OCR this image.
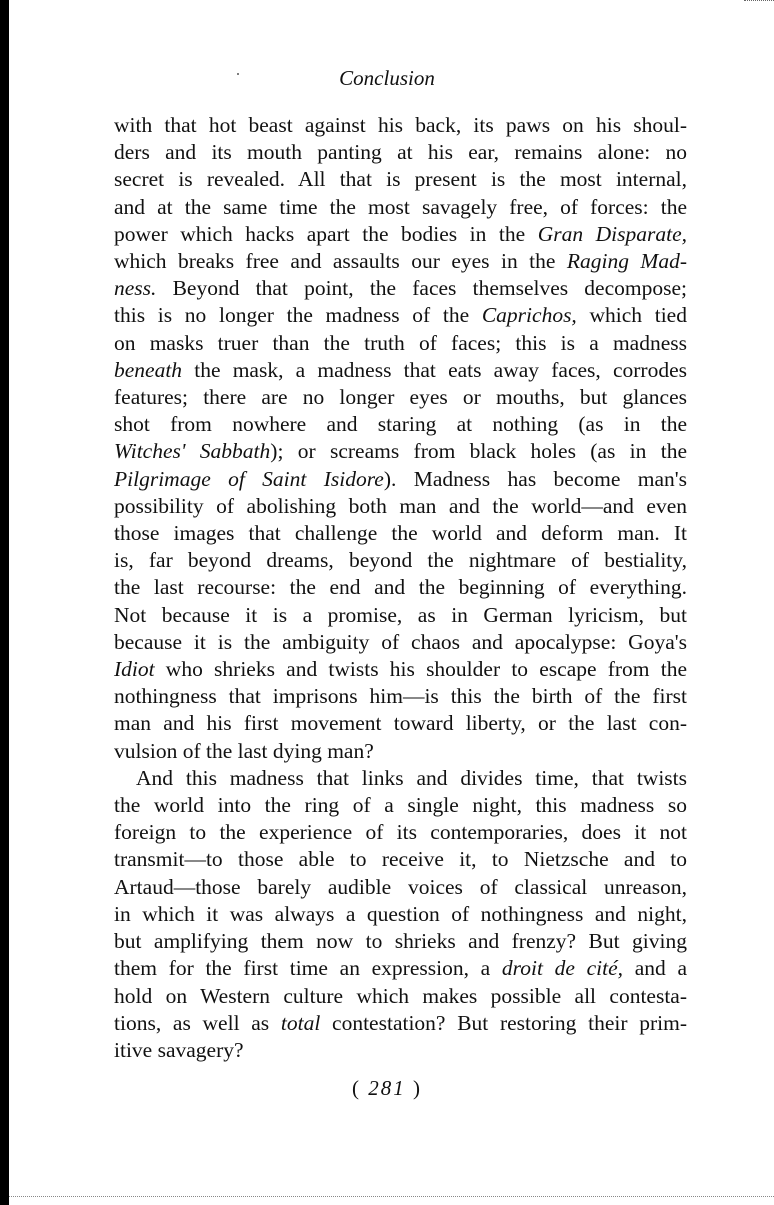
Conclusion

with that hot beast against his back, its paws on his shoul-
ders and its mouth panting at his ear, remains alone: no
secret is revealed. All that is present is the most internal,
and at the same time the most savagely free, of forces: the
power which hacks apart the bodies in the Gran Disparate,
which breaks free and assaults our eyes in the Raging Mad-
ness. Beyond that point, the faces themselves decompose;
this is no longer the madness of the Caprichos, which tied
on masks truer than the truth of faces; this is a madness
beneath the mask, a madness that eats away faces, corrodes
features; there are no longer eyes or mouths, but glances
shot from nowhere and staring at nothing (as in the
Witches' Sabbath); or screams from black holes (as in the
Pilgrimage of Saint Isidore). Madness has become man's
possibility of abolishing both man and the world—and even
those images that challenge the world and deform man. It
is, far beyond dreams, beyond the nightmare of bestiality,
the last recourse: the end and the beginning of everything.
Not because it is a promise, as in German lyricism, but
because it is the ambiguity of chaos and apocalypse: Goya's
Idiot who shrieks and twists his shoulder to escape from the
nothingness that imprisons him—is this the birth of the first
man and his first movement toward liberty, or the last con-
vulsion of the last dying man?

And this madness that links and divides time, that twists
the world into the ring of a single night, this madness so
foreign to the experience of its contemporaries, does it not
transmit—to those able to receive it, to Nietzsche and to
Artaud—those barely audible voices of classical unreason,
in which it was always a question of nothingness and night,
but amplifying them now to shrieks and frenzy? But giving
them for the first time an expression, a droit de cité, and a
hold on Western culture which makes possible all contesta-
tions, as well as total contestation? But restoring their prim-
itive savagery?

( 281 )
